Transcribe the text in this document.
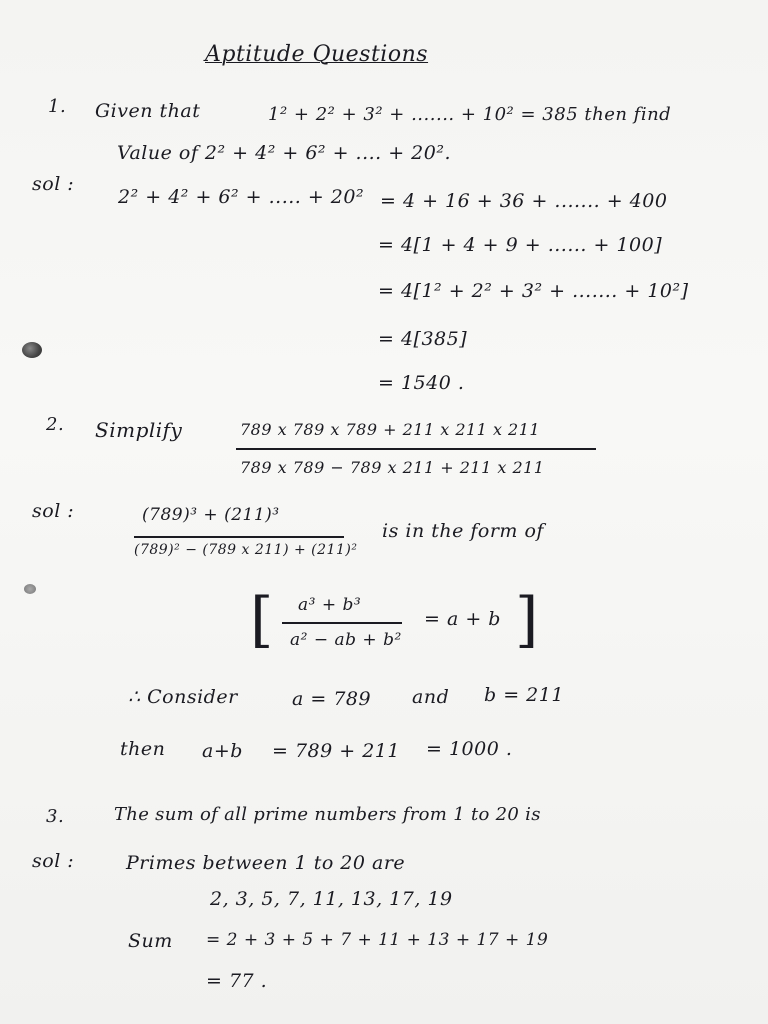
Aptitude Questions
1. Given that	1² + 2² + 3² + ....... + 10² = 385 then find
Value of 2² + 4² + 6² + .... + 20².
sol :
2² + 4² + 6² + ..... + 20² = 4 + 16 + 36 + ....... + 400
= 4[1 + 4 + 9 + ...... + 100]
= 4[1² + 2² + 3² + ....... + 10²]
= 4[385]
= 1540 .
2. Simplify	789 x 789 x 789 + 211 x 211 x 211
789 x 789 − 789 x 211 + 211 x 211
sol :	(789)³ + (211)³
(789)² − (789 x 211) + (211)²
is in the form of
[ a³ + b³
a² − ab + b²
= a + b ]
∴ Consider	a = 789 and b = 211
then a+b = 789 + 211 = 1000 .
3.	The sum of all prime numbers from 1 to 20 is
sol :	Primes between 1 to 20 are
2, 3, 5, 7, 11, 13, 17, 19
Sum = 2 + 3 + 5 + 7 + 11 + 13 + 17 + 19
= 77 .
